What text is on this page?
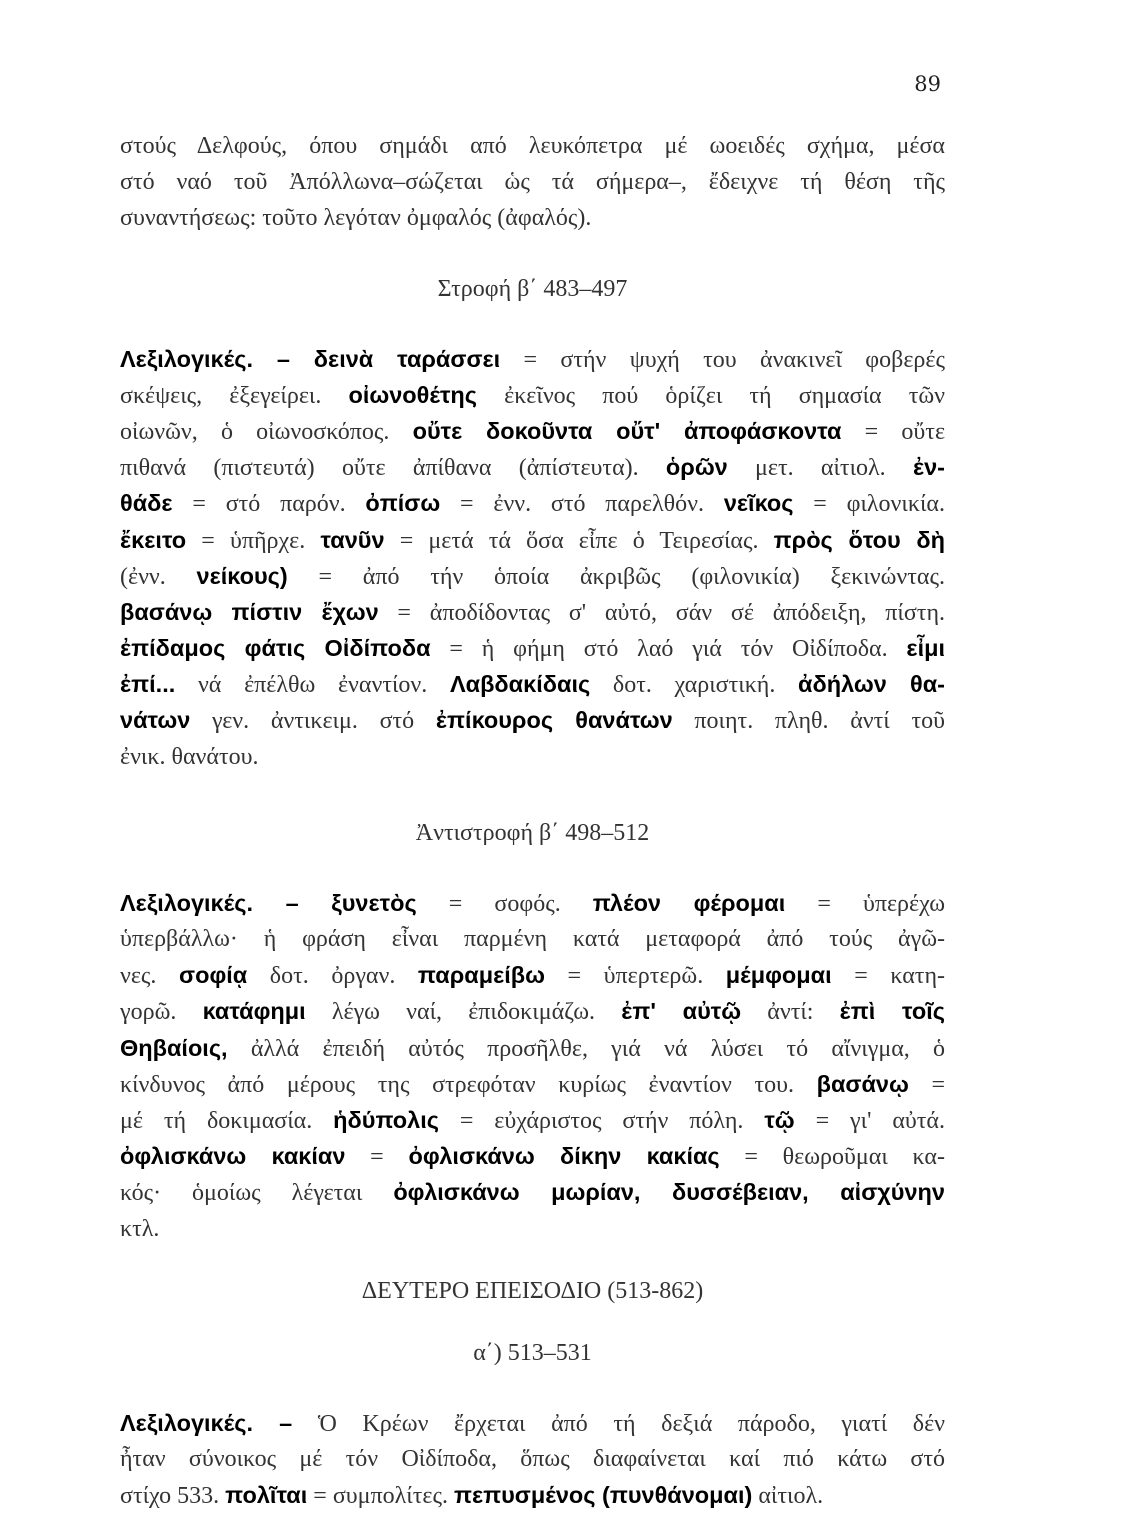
89
στούς Δελφούς, όπου σημάδι από λευκόπετρα μέ ωοειδές σχήμα, μέσα
στό ναό τοῦ Ἀπόλλωνα–σώζεται ὡς τά σήμερα–, ἔδειχνε τή θέση τῆς
συναντήσεως: τοῦτο λεγόταν ὀμφαλός (ἀφαλός).
Στροφή β΄ 483–497
Λεξιλογικές. – δεινὰ ταράσσει = στήν ψυχή του ἀνακινεῖ φοβερές
σκέψεις, ἐξεγείρει. οἰωνοθέτης ἐκεῖνος πού ὁρίζει τή σημασία τῶν
οἰωνῶν, ὁ οἰωνοσκόπος. οὔτε δοκοῦντα οὔτ' ἀποφάσκοντα = οὔτε
πιθανά (πιστευτά) οὔτε ἀπίθανα (ἀπίστευτα). ὁρῶν μετ. αἰτιολ. ἐν-
θάδε = στό παρόν. ὀπίσω = ἐνν. στό παρελθόν. νεῖκος = φιλονικία.
ἔκειτο = ὑπῆρχε. τανῦν = μετά τά ὅσα εἶπε ὁ Τειρεσίας. πρὸς ὅτου δὴ
(ἐνν. νείκους) = ἀπό τήν ὁποία ἀκριβῶς (φιλονικία) ξεκινώντας.
βασάνῳ πίστιν ἔχων = ἀποδίδοντας σ' αὐτό, σάν σέ ἀπόδειξη, πίστη.
ἐπίδαμος φάτις Οἰδίποδα = ἡ φήμη στό λαό γιά τόν Οἰδίποδα. εἶμι
ἐπί... νά ἐπέλθω ἐναντίον. Λαβδακίδαις δοτ. χαριστική. ἀδήλων θα-
νάτων γεν. ἀντικειμ. στό ἐπίκουρος θανάτων ποιητ. πληθ. ἀντί τοῦ
ἐνικ. θανάτου.
Ἀντιστροφή β΄ 498–512
Λεξιλογικές. – ξυνετὸς = σοφός. πλέον φέρομαι = ὑπερέχω
ὑπερβάλλω· ἡ φράση εἶναι παρμένη κατά μεταφορά ἀπό τούς ἀγῶ-
νες. σοφίᾳ δοτ. ὀργαν. παραμείβω = ὑπερτερῶ. μέμφομαι = κατη-
γορῶ. κατάφημι λέγω ναί, ἐπιδοκιμάζω. ἐπ' αὐτῷ ἀντί: ἐπὶ τοῖς
Θηβαίοις, ἀλλά ἐπειδή αὐτός προσῆλθε, γιά νά λύσει τό αἴνιγμα, ὁ
κίνδυνος ἀπό μέρους της στρεφόταν κυρίως ἐναντίον του. βασάνῳ =
μέ τή δοκιμασία. ἡδύπολις = εὐχάριστος στήν πόλη. τῷ = γι' αὐτά.
ὀφλισκάνω κακίαν = ὀφλισκάνω δίκην κακίας = θεωροῦμαι κα-
κός· ὁμοίως λέγεται ὀφλισκάνω μωρίαν, δυσσέβειαν, αἰσχύνην
κτλ.
ΔΕΥΤΕΡΟ ΕΠΕΙΣΟΔΙΟ (513-862)
α΄) 513–531
Λεξιλογικές. – Ὁ Κρέων ἔρχεται ἀπό τή δεξιά πάροδο, γιατί δέν
ἦταν σύνοικος μέ τόν Οἰδίποδα, ὅπως διαφαίνεται καί πιό κάτω στό
στίχο 533. πολῖται = συμπολίτες. πεπυσμένος (πυνθάνομαι) αἰτιολ.
